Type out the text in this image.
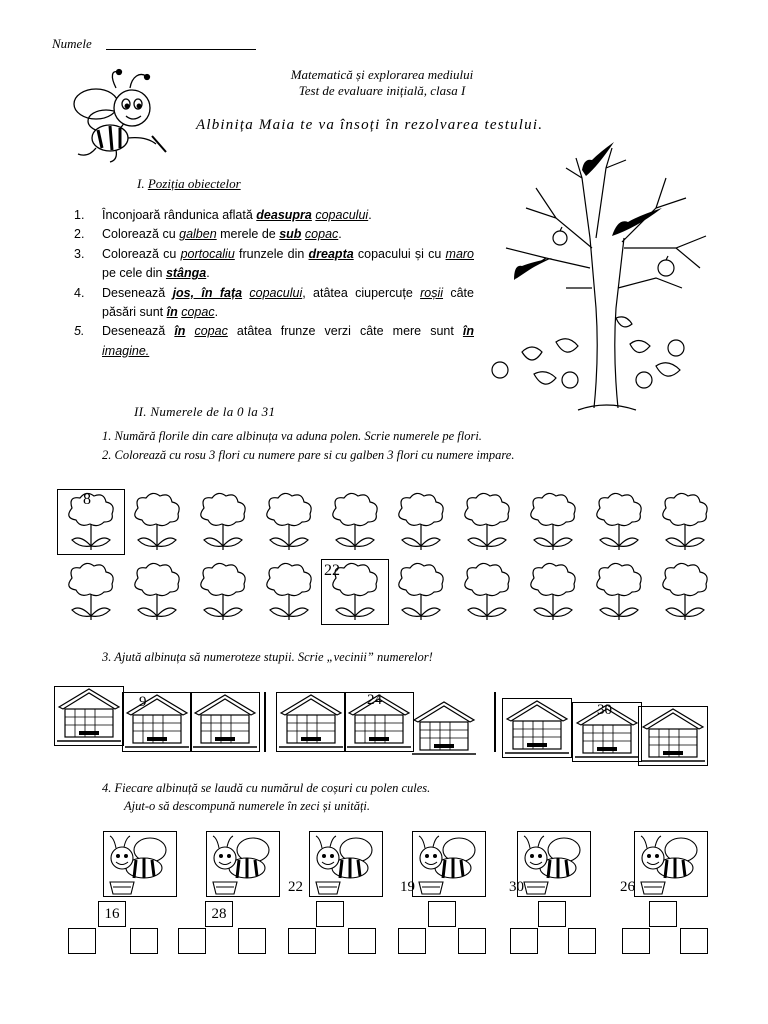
Numele
Matematică și explorarea mediului
Test de evaluare inițială, clasa I
Albinița Maia te va însoți în rezolvarea testului.
I. Poziția obiectelor
1. Înconjoară rândunica aflată deasupra copacului.
2. Colorează cu galben merele de sub copac.
3. Colorează cu portocaliu frunzele din dreapta copacului și cu maro pe cele din stânga.
4. Desenează jos, în fața copacului, atâtea ciupercuțe roșii câte păsări sunt în copac.
5. Desenează în copac atâtea frunze verzi câte mere sunt în imagine.
II. Numerele de la 0 la 31
1. Numără florile din care albinuța va aduna polen. Scrie numerele pe flori.
2. Colorează cu rosu 3 flori cu numere pare si cu galben 3 flori cu numere impare.
8
22
3. Ajută albinuța să numeroteze stupii. Scrie „vecinii” numerelor!
9	24
30
4. Fiecare albinuță se laudă cu numărul de coșuri cu polen cules.
Ajut-o să descompună numerele în zeci și unități.
16	28
22	19	30	26
